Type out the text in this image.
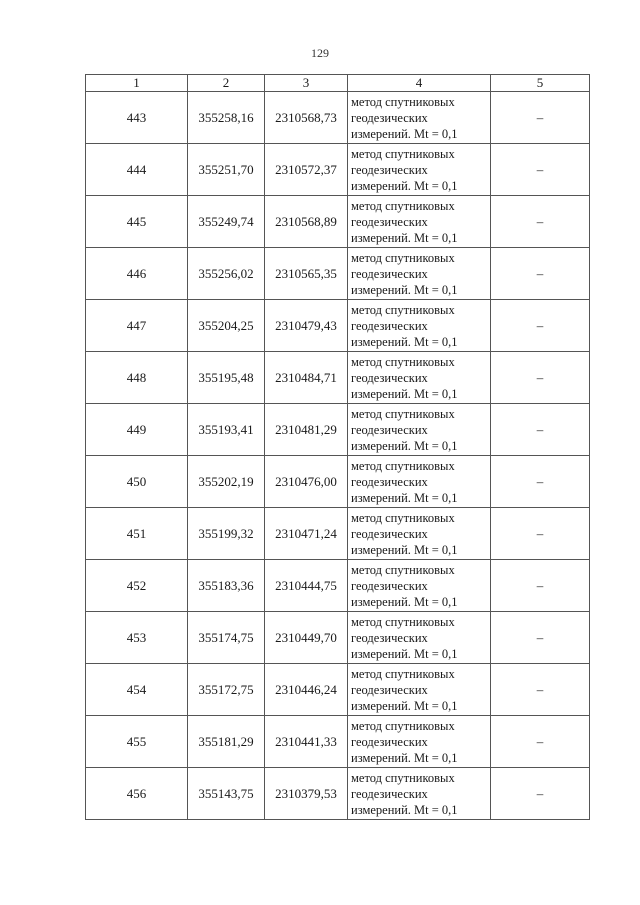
129
1	2	3	4	5
443	355258,16	2310568,73	метод спутниковых
геодезических
измерений. Mt = 0,1	–
444	355251,70	2310572,37	метод спутниковых
геодезических
измерений. Mt = 0,1	–
445	355249,74	2310568,89	метод спутниковых
геодезических
измерений. Mt = 0,1	–
446	355256,02	2310565,35	метод спутниковых
геодезических
измерений. Mt = 0,1	–
447	355204,25	2310479,43	метод спутниковых
геодезических
измерений. Mt = 0,1	–
448	355195,48	2310484,71	метод спутниковых
геодезических
измерений. Mt = 0,1	–
449	355193,41	2310481,29	метод спутниковых
геодезических
измерений. Mt = 0,1	–
450	355202,19	2310476,00	метод спутниковых
геодезических
измерений. Mt = 0,1	–
451	355199,32	2310471,24	метод спутниковых
геодезических
измерений. Mt = 0,1	–
452	355183,36	2310444,75	метод спутниковых
геодезических
измерений. Mt = 0,1	–
453	355174,75	2310449,70	метод спутниковых
геодезических
измерений. Mt = 0,1	–
454	355172,75	2310446,24	метод спутниковых
геодезических
измерений. Mt = 0,1	–
455	355181,29	2310441,33	метод спутниковых
геодезических
измерений. Mt = 0,1	–
456	355143,75	2310379,53	метод спутниковых
геодезических
измерений. Mt = 0,1	–
